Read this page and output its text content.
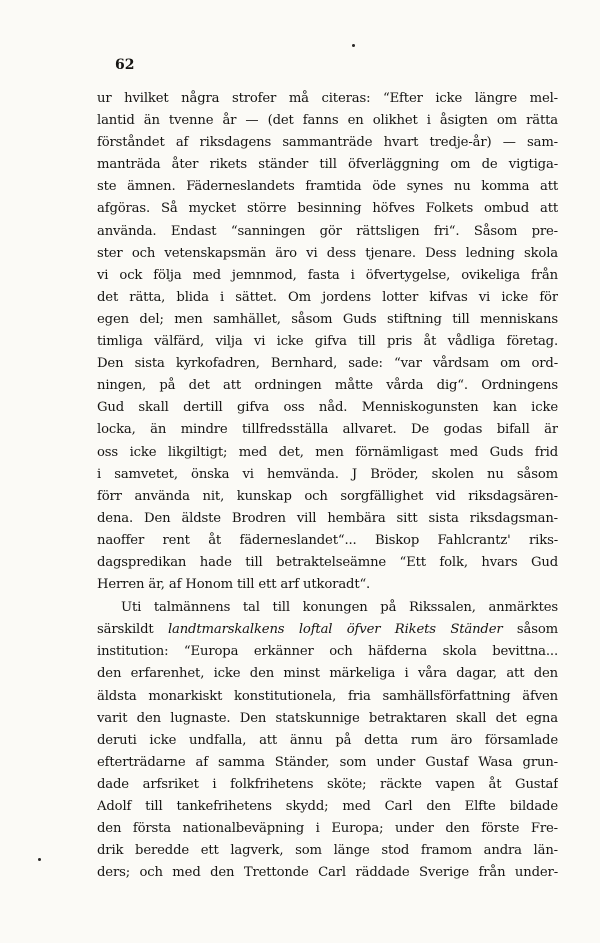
62
ur hvilket några strofer må citeras: “Efter icke längre mel-
lantid än tvenne år — (det fanns en olikhet i åsigten om rätta
förståndet af riksdagens sammanträde hvart tredje-år) — sam-
manträda åter rikets ständer till öfverläggning om de vigtiga-
ste ämnen. Fäderneslandets framtida öde synes nu komma att
afgöras. Så mycket större besinning höfves Folkets ombud att
använda. Endast “sanningen gör rättsligen fri“. Såsom pre-
ster och vetenskapsmän äro vi dess tjenare. Dess ledning skola
vi ock följa med jemnmod, fasta i öfvertygelse, ovikeliga från
det rätta, blida i sättet. Om jordens lotter kifvas vi icke för
egen del; men samhället, såsom Guds stiftning till menniskans
timliga välfärd, vilja vi icke gifva till pris åt vådliga företag.
Den sista kyrkofadren, Bernhard, sade: “var vårdsam om ord-
ningen, på det att ordningen måtte vårda dig“. Ordningens
Gud skall dertill gifva oss nåd. Menniskogunsten kan icke
locka, än mindre tillfredsställa allvaret. De godas bifall är
oss icke likgiltigt; med det, men förnämligast med Guds frid
i samvetet, önska vi hemvända. J Bröder, skolen nu såsom
förr använda nit, kunskap och sorgfällighet vid riksdagsären-
dena. Den äldste Brodren vill hembära sitt sista riksdagsman-
naoffer rent åt fäderneslandet“... Biskop Fahlcrantz' riks-
dagspredikan hade till betraktelseämne “Ett folk, hvars Gud
Herren är, af Honom till ett arf utkoradt“.
Uti talmännens tal till konungen på Rikssalen, anmärktes
särskildt landtmarskalkens loftal öfver Rikets Ständer såsom
institution: “Europa erkänner och häfderna skola bevittna...
den erfarenhet, icke den minst märkeliga i våra dagar, att den
äldsta monarkiskt konstitutionela, fria samhällsförfattning äfven
varit den lugnaste. Den statskunnige betraktaren skall det egna
deruti icke undfalla, att ännu på detta rum äro församlade
efterträdarne af samma Ständer, som under Gustaf Wasa grun-
dade arfsriket i folkfrihetens sköte; räckte vapen åt Gustaf
Adolf till tankefrihetens skydd; med Carl den Elfte bildade
den första nationalbeväpning i Europa; under den förste Fre-
drik beredde ett lagverk, som länge stod framom andra län-
ders; och med den Trettonde Carl räddade Sverige från under-
